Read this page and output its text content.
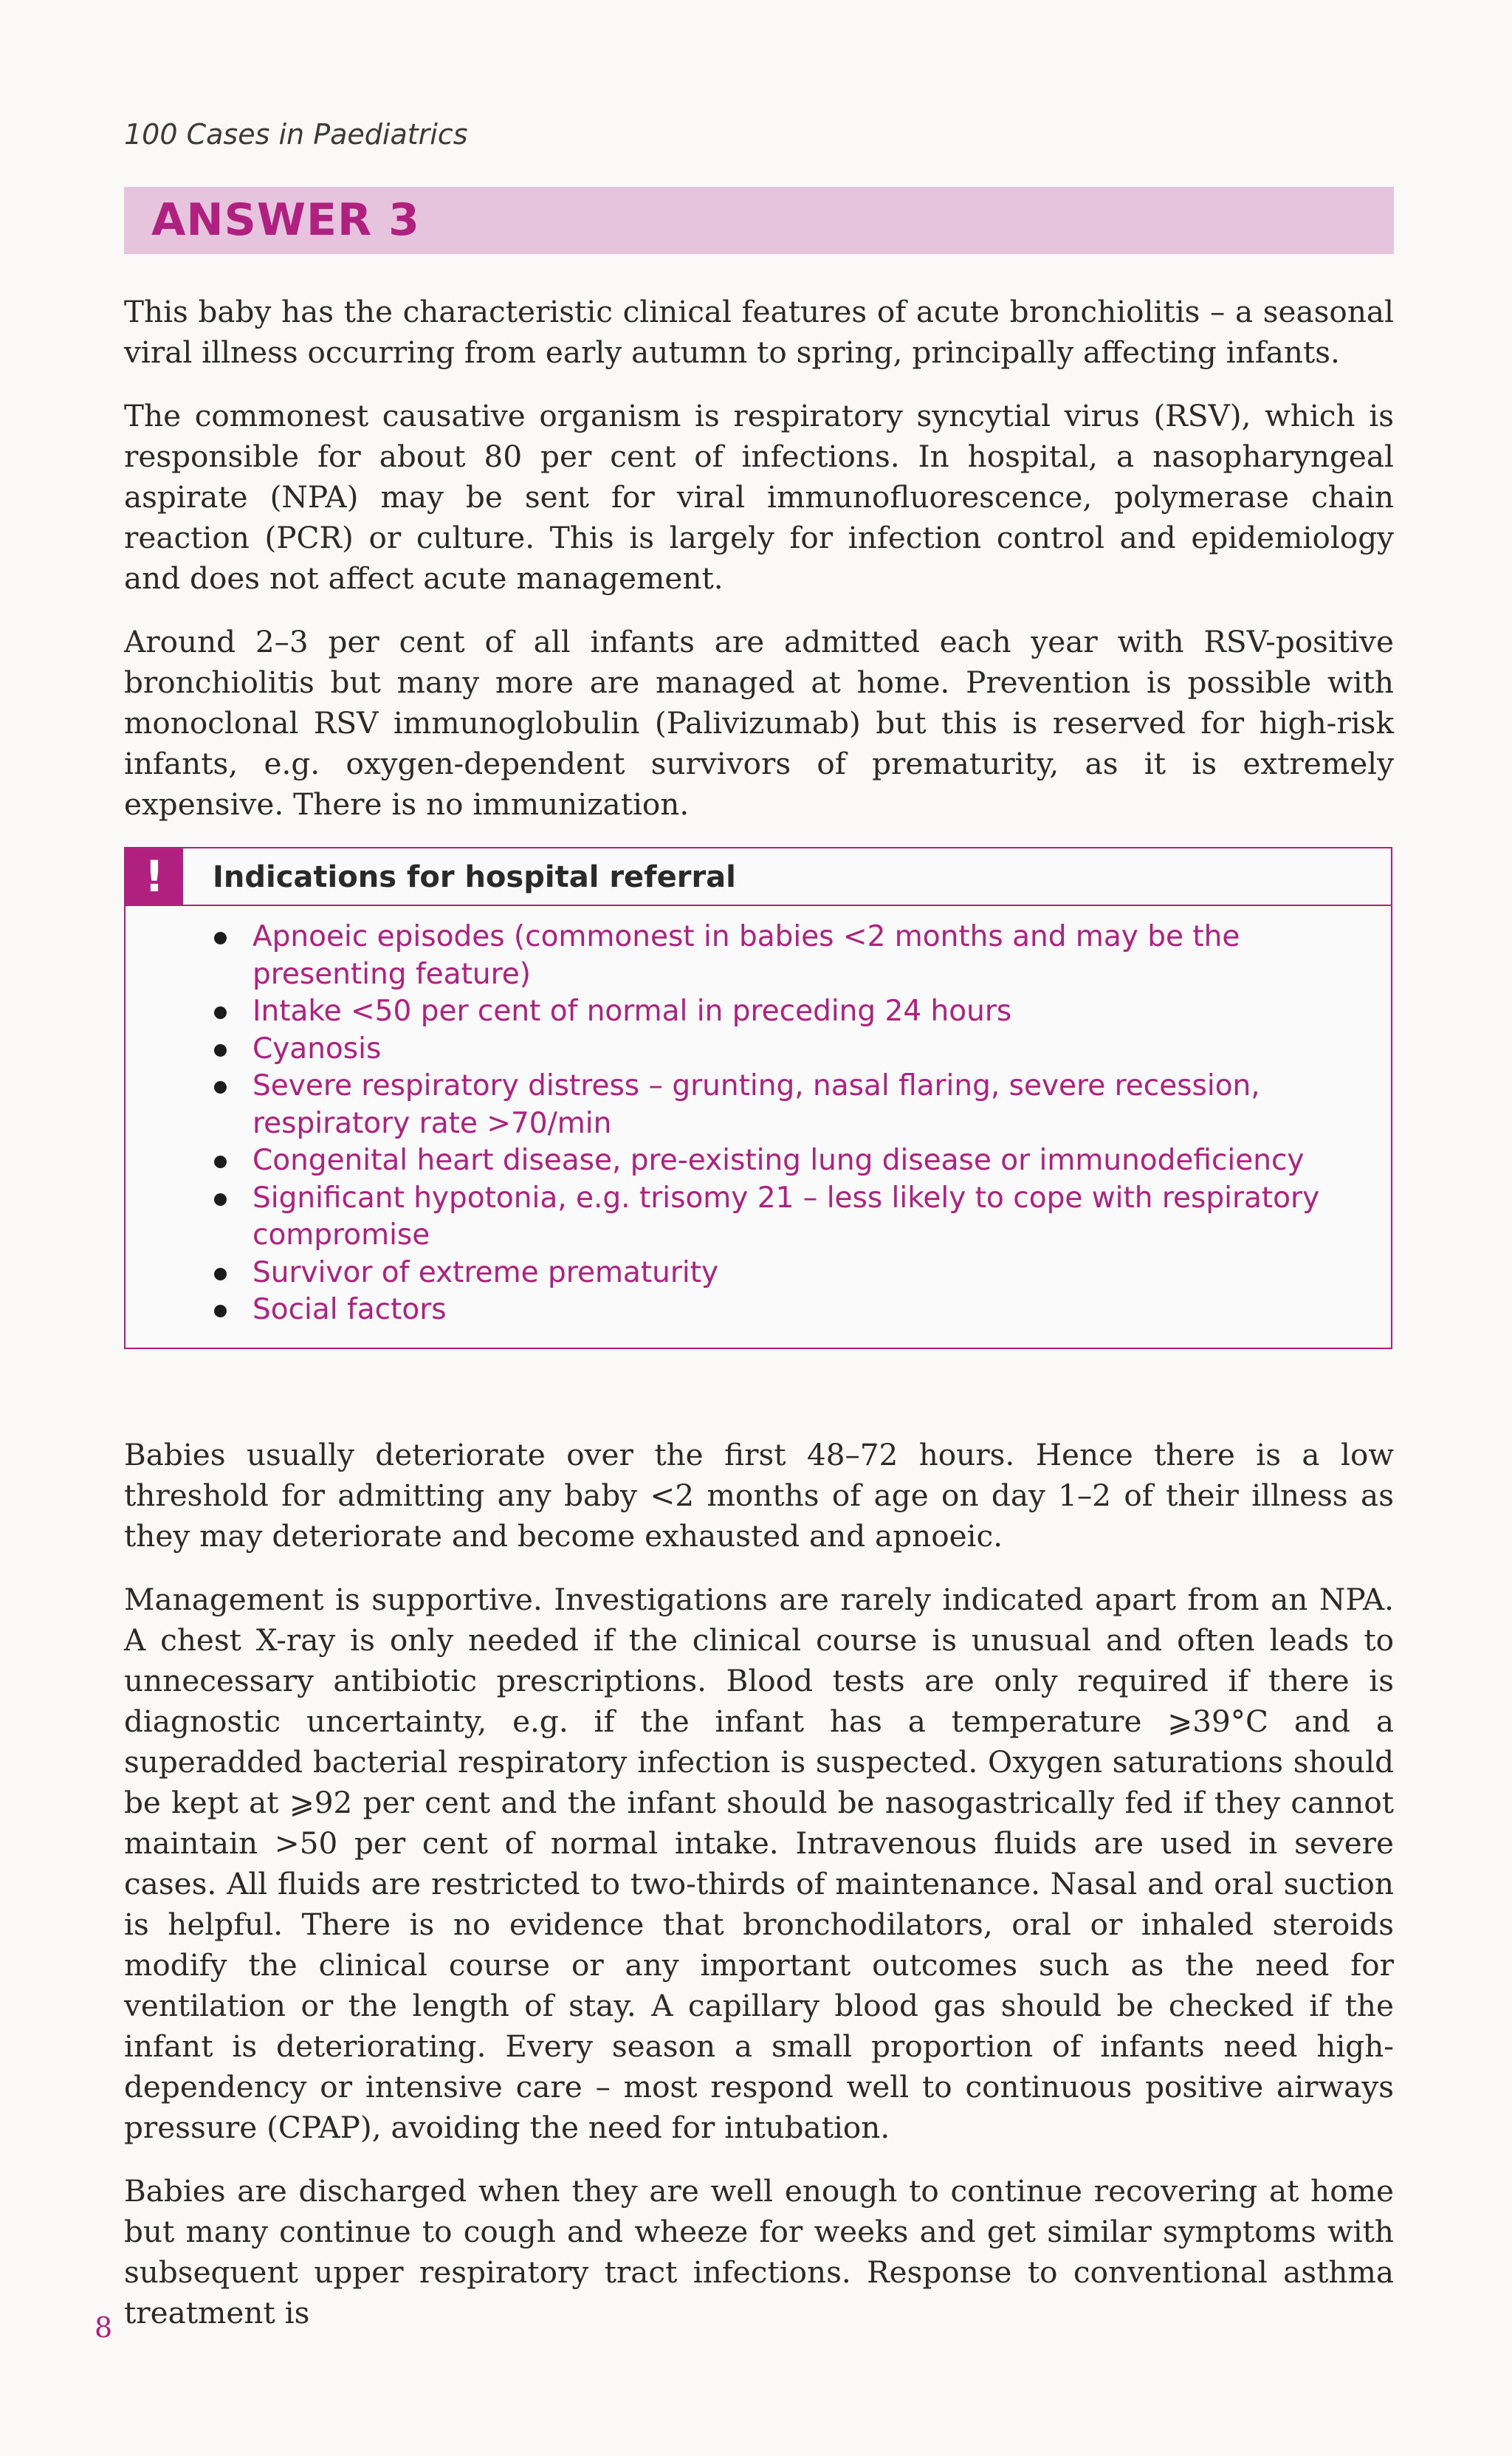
100 Cases in Paediatrics
ANSWER 3

This baby has the characteristic clinical features of acute bronchiolitis – a seasonal viral illness occurring from early autumn to spring, principally affecting infants.

The commonest causative organism is respiratory syncytial virus (RSV), which is responsible for about 80 per cent of infections. In hospital, a nasopharyngeal aspirate (NPA) may be sent for viral immunofluorescence, polymerase chain reaction (PCR) or culture. This is largely for infection control and epidemiology and does not affect acute management.

Around 2–3 per cent of all infants are admitted each year with RSV-positive bronchiolitis but many more are managed at home. Prevention is possible with monoclonal RSV immunoglobulin (Palivizumab) but this is reserved for high-risk infants, e.g. oxygen-dependent survivors of prematurity, as it is extremely expensive. There is no immunization.

!	Indications for hospital referral
Apnoeic episodes (commonest in babies <2 months and may be the presenting feature)
Intake <50 per cent of normal in preceding 24 hours
Cyanosis
Severe respiratory distress – grunting, nasal flaring, severe recession, respiratory rate >70/min
Congenital heart disease, pre-existing lung disease or immunodeficiency
Significant hypotonia, e.g. trisomy 21 – less likely to cope with respiratory compromise
Survivor of extreme prematurity
Social factors

Babies usually deteriorate over the first 48–72 hours. Hence there is a low threshold for admitting any baby <2 months of age on day 1–2 of their illness as they may deteriorate and become exhausted and apnoeic.

Management is supportive. Investigations are rarely indicated apart from an NPA. A chest X-ray is only needed if the clinical course is unusual and often leads to unnecessary antibiotic prescriptions. Blood tests are only required if there is diagnostic uncertainty, e.g. if the infant has a temperature ⩾39°C and a superadded bacterial respiratory infection is suspected. Oxygen saturations should be kept at ⩾92 per cent and the infant should be nasogastrically fed if they cannot maintain >50 per cent of normal intake. Intravenous fluids are used in severe cases. All fluids are restricted to two-thirds of maintenance. Nasal and oral suction is helpful. There is no evidence that bronchodilators, oral or inhaled steroids modify the clinical course or any important outcomes such as the need for ventilation or the length of stay. A capillary blood gas should be checked if the infant is deteriorating. Every season a small proportion of infants need high-dependency or intensive care – most respond well to continuous positive airways pressure (CPAP), avoiding the need for intubation.

Babies are discharged when they are well enough to continue recovering at home but many continue to cough and wheeze for weeks and get similar symptoms with subsequent upper respiratory tract infections. Response to conventional asthma treatment is

8
